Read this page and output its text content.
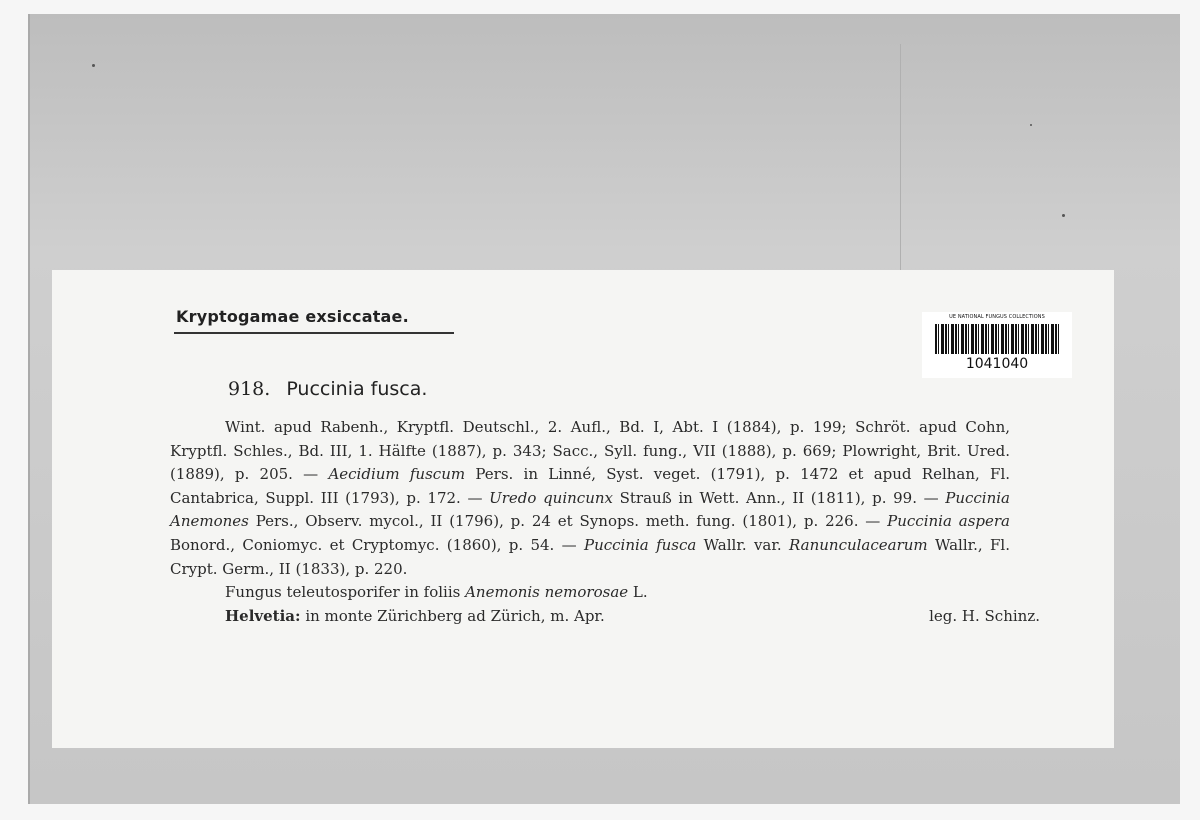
Kryptogamae exsiccatae.	UE NATIONAL FUNGUS COLLECTIONS
1041040
918. Puccinia fusca.
Wint. apud Rabenh., Kryptfl. Deutschl., 2. Aufl., Bd. I, Abt. I (1884), p. 199; Schröt. apud Cohn, Kryptfl. Schles., Bd. III, 1. Hälfte (1887), p. 343; Sacc., Syll. fung., VII (1888), p. 669; Plowright, Brit. Ured. (1889), p. 205. — Aecidium fuscum Pers. in Linné, Syst. veget. (1791), p. 1472 et apud Relhan, Fl. Cantabrica, Suppl. III (1793), p. 172. — Uredo quincunx Strauß in Wett. Ann., II (1811), p. 99. — Puccinia Anemones Pers., Observ. mycol., II (1796), p. 24 et Synops. meth. fung. (1801), p. 226. — Puccinia aspera Bonord., Coniomyc. et Cryptomyc. (1860), p. 54. — Puccinia fusca Wallr. var. Ranunculacearum Wallr., Fl. Crypt. Germ., II (1833), p. 220.
Fungus teleutosporifer in foliis Anemonis nemorosae L.
Helvetia: in monte Zürichberg ad Zürich, m. Apr.	leg. H. Schinz.
